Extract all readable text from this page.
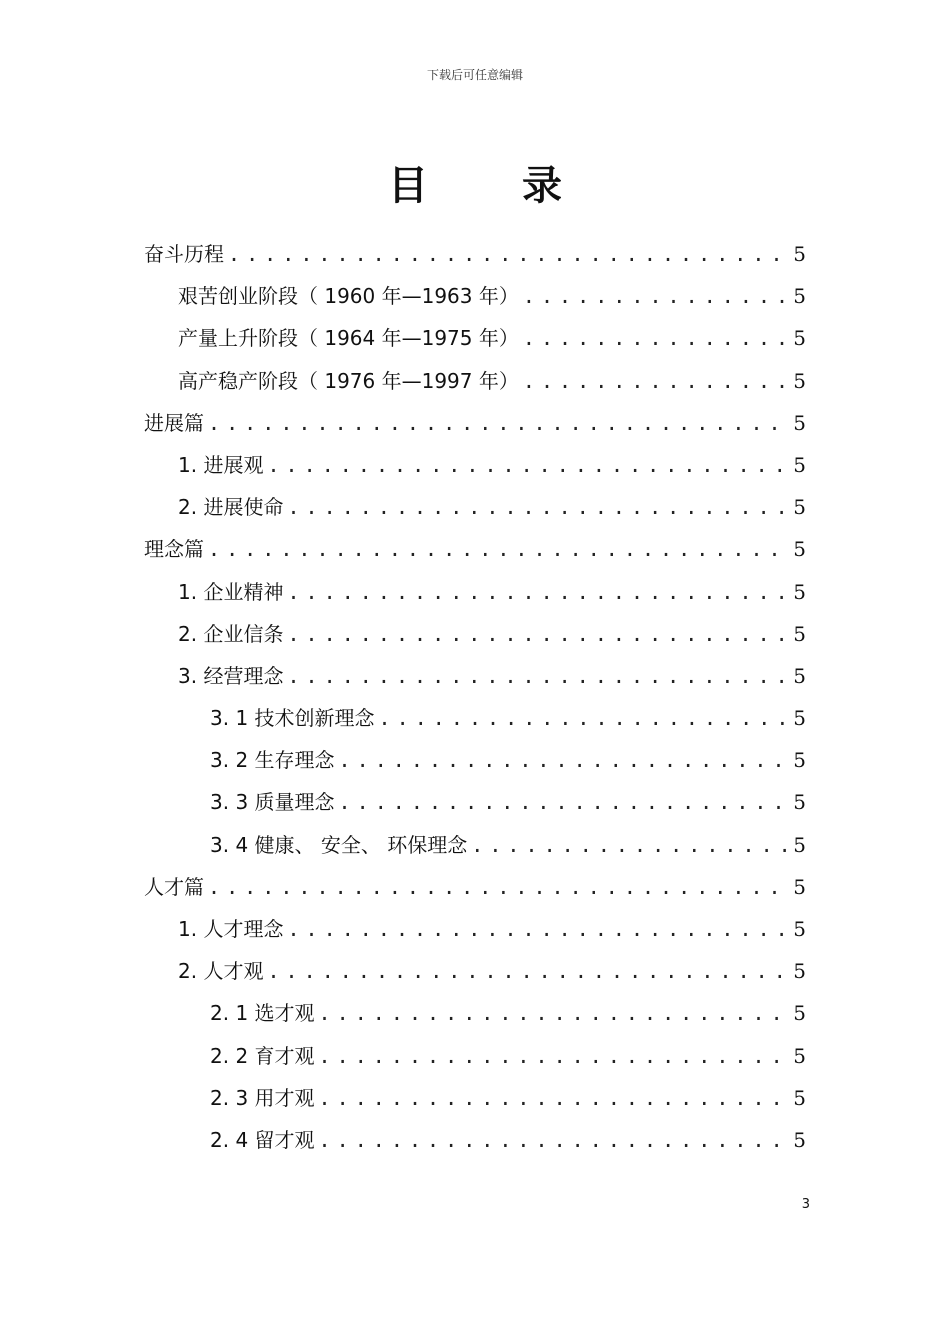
下载后可任意编辑
目 录
奋斗历程 . . .	5
艰苦创业阶段（ 1960 年—1963 年） . . .	5
产量上升阶段（ 1964 年—1975 年） . . .	5
高产稳产阶段（ 1976 年—1997 年） . . .	5
进展篇 . . .	5
1. 进展观 . . .	5
2. 进展使命 . . .	5
理念篇 . . .	5
1. 企业精神 . . .	5
2. 企业信条 . . .	5
3. 经营理念 . . .	5
3. 1 技术创新理念 . . .	5
3. 2 生存理念 . . .	5
3. 3 质量理念 . . .	5
3. 4 健康、 安全、 环保理念 . . .	5
人才篇 . . .	5
1. 人才理念 . . .	5
2. 人才观 . . .	5
2. 1 选才观 . . .	5
2. 2 育才观 . . .	5
2. 3 用才观 . . .	5
2. 4 留才观 . . .	5
3
